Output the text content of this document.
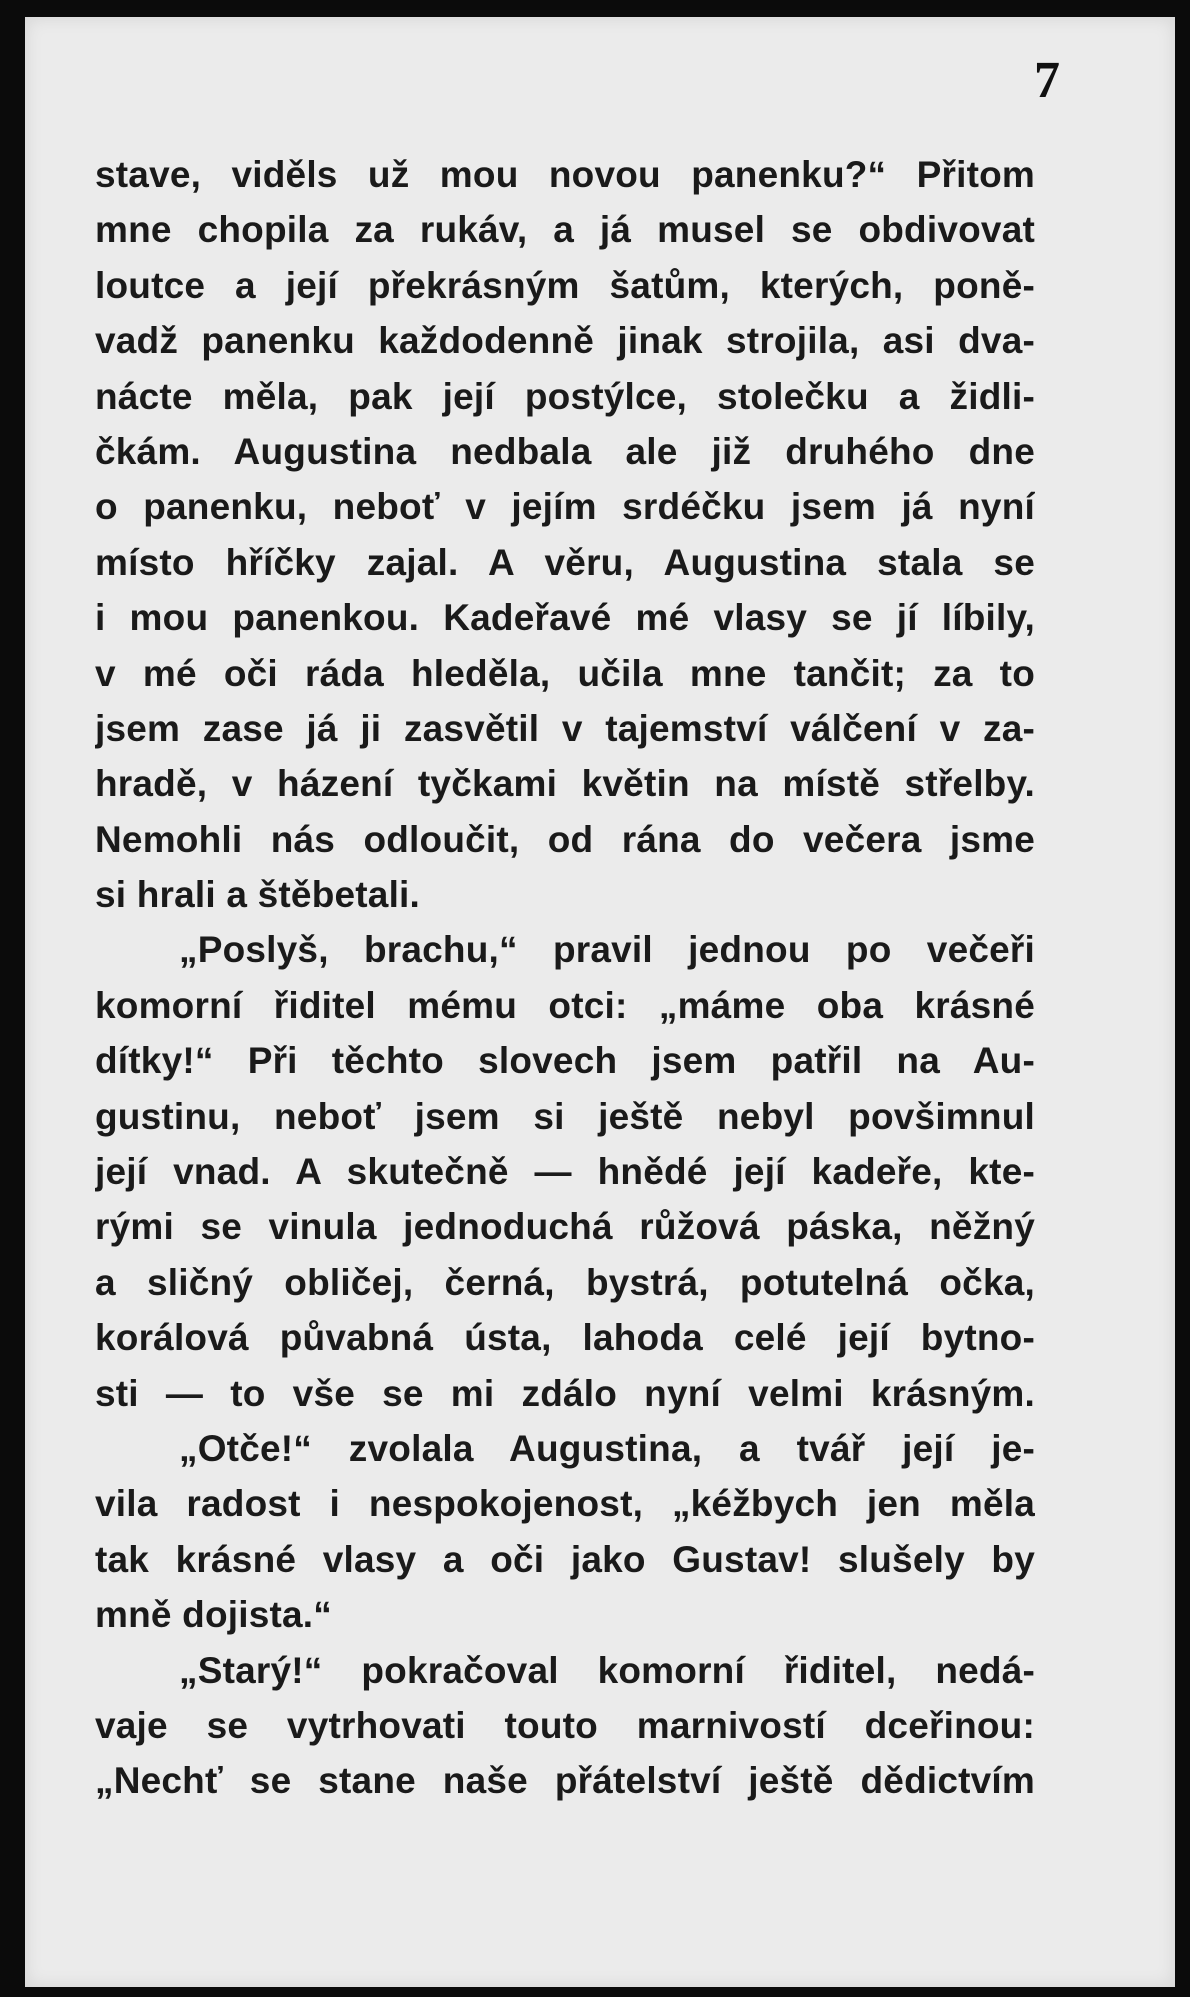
7
stave, viděls už mou novou panenku?“ Přitom
mne chopila za rukáv, a já musel se obdivovat
loutce a její překrásným šatům, kterých, poně-
vadž panenku každodenně jinak strojila, asi dva-
nácte měla, pak její postýlce, stolečku a židli-
čkám. Augustina nedbala ale již druhého dne
o panenku, neboť v jejím srdéčku jsem já nyní
místo hříčky zajal. A věru, Augustina stala se
i mou panenkou. Kadeřavé mé vlasy se jí líbily,
v mé oči ráda hleděla, učila mne tančit; za to
jsem zase já ji zasvětil v tajemství válčení v za-
hradě, v házení tyčkami květin na místě střelby.
Nemohli nás odloučit, od rána do večera jsme
si hrali a štěbetali.
„Poslyš, brachu,“ pravil jednou po večeři
komorní řiditel mému otci: „máme oba krásné
dítky!“ Při těchto slovech jsem patřil na Au-
gustinu, neboť jsem si ještě nebyl povšimnul
její vnad. A skutečně — hnědé její kadeře, kte-
rými se vinula jednoduchá růžová páska, něžný
a sličný obličej, černá, bystrá, potutelná očka,
korálová půvabná ústa, lahoda celé její bytno-
sti — to vše se mi zdálo nyní velmi krásným.
„Otče!“ zvolala Augustina, a tvář její je-
vila radost i nespokojenost, „kéžbych jen měla
tak krásné vlasy a oči jako Gustav! slušely by
mně dojista.“
„Starý!“ pokračoval komorní řiditel, nedá-
vaje se vytrhovati touto marnivostí dceřinou:
„Nechť se stane naše přátelství ještě dědictvím
